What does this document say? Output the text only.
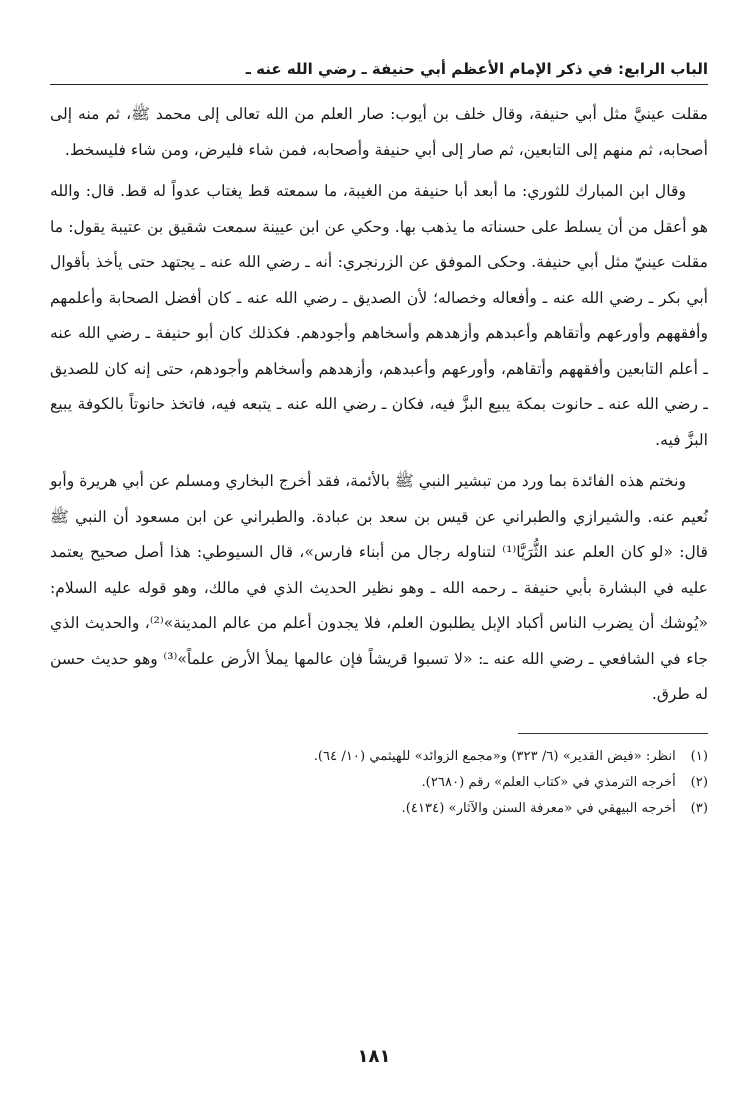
الباب الرابع: في ذكر الإمام الأعظم أبي حنيفة ـ رضي الله عنه ـ

مقلت عينيَّ مثل أبي حنيفة، وقال خلف بن أيوب: صار العلم من الله تعالى إلى محمد ﷺ، ثم منه إلى أصحابه، ثم منهم إلى التابعين، ثم صار إلى أبي حنيفة وأصحابه، فمن شاء فليرض، ومن شاء فليسخط.

وقال ابن المبارك للثوري: ما أبعد أبا حنيفة من الغيبة، ما سمعته قط يغتاب عدواً له قط. قال: والله هو أعقل من أن يسلط على حسناته ما يذهب بها. وحكي عن ابن عيينة سمعت شقيق بن عتيبة يقول: ما مقلت عينيّ مثل أبي حنيفة. وحكى الموفق عن الزرنجري: أنه ـ رضي الله عنه ـ يجتهد حتى يأخذ بأقوال أبي بكر ـ رضي الله عنه ـ وأفعاله وخصاله؛ لأن الصديق ـ رضي الله عنه ـ كان أفضل الصحابة وأعلمهم وأفقههم وأورعهم وأتقاهم وأعبدهم وأزهدهم وأسخاهم وأجودهم. فكذلك كان أبو حنيفة ـ رضي الله عنه ـ أعلم التابعين وأفقههم وأتقاهم، وأورعهم وأعبدهم، وأزهدهم وأسخاهم وأجودهم، حتى إنه كان للصديق ـ رضي الله عنه ـ حانوت بمكة يبيع البزَّ فيه، فكان ـ رضي الله عنه ـ يتبعه فيه، فاتخذ حانوتاً بالكوفة يبيع البزَّ فيه.

ونختم هذه الفائدة بما ورد من تبشير النبي ﷺ بالأئمة، فقد أخرج البخاري ومسلم عن أبي هريرة وأبو نُعيم عنه. والشيرازي والطبراني عن قيس بن سعد بن عبادة. والطبراني عن ابن مسعود أن النبي ﷺ قال: «لو كان العلم عند الثُّرَيَّا⁽¹⁾ لتناوله رجال من أبناء فارس»، قال السيوطي: هذا أصل صحيح يعتمد عليه في البشارة بأبي حنيفة ـ رحمه الله ـ وهو نظير الحديث الذي في مالك، وهو قوله عليه السلام: «يُوشك أن يضرب الناس أكباد الإبل يطلبون العلم، فلا يجدون أعلم من عالم المدينة»⁽²⁾، والحديث الذي جاء في الشافعي ـ رضي الله عنه ـ: «لا تسبوا قريشاً فإن عالمها يملأ الأرض علماً»⁽³⁾ وهو حديث حسن له طرق.

(١) انظر: «فيض القدير» (٦/ ٣٢٣) و«مجمع الزوائد» للهيثمي (١٠/ ٦٤).
(٢) أخرجه الترمذي في «كتاب العلم» رقم (٢٦٨٠).
(٣) أخرجه البيهقي في «معرفة السنن والآثار» (٤١٣٤).
١٨١
